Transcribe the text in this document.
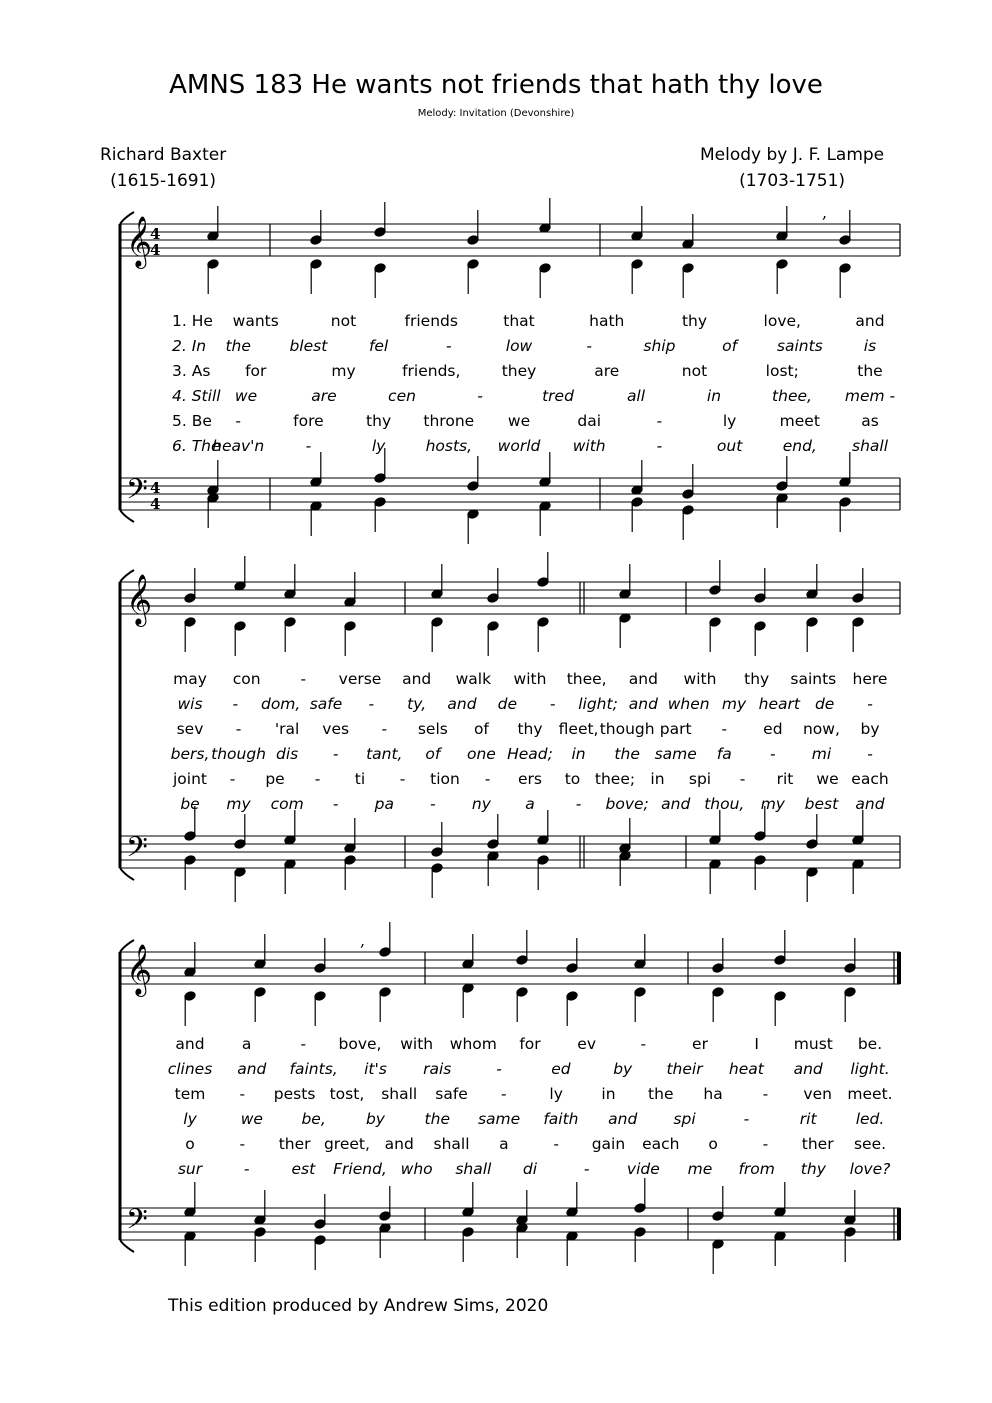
AMNS 183 He wants not friends that hath thy love
Melody: Invitation (Devonshire)
Richard Baxter
(1615-1691)
Melody by J. F. Lampe
(1703-1751)
𝄞
4
4
𝄢 4
4
,
𝄞
𝄢
𝄞
𝄢
,
1. He wants	not	friends	that	hath	thy	love,	and
2. In the blest	fel	-	low	-	ship	of	saints	is
3. As for	my	friends,	they	are	not	lost;	the
4. Still we	are	cen	-	tred	all	in	thee, mem -
5. Be -	fore	thy throne we	dai	-	ly	meet	as
6. The
heav'n	-	ly	hosts, world with	-	out	end, shall
may con	- verse and walk with thee, and with thy saints here
wis - dom, safe - ty, and de - light; and when my heart de -
sev - 'ral ves - sels of thy fleet, though part - ed now, by
bers, though dis - tant, of one Head; in the same fa - mi -
joint - pe - ti - tion - ers to thee; in spi - rit we each
be my com - pa - ny a	- bove; and thou, my best and
and a	- bove, with whom for ev	-	er	I must be.
clines and faints, it's rais	-	ed	by their heat and light.
tem - pests tost, shall safe -	ly in the ha	- ven meet.
ly	we be,	by	the same faith and spi	-	rit	led.
o	- ther greet, and shall a	- gain each o	- ther see.
sur	-	est Friend, who shall di	- vide me from thy love?
This edition produced by Andrew Sims, 2020
